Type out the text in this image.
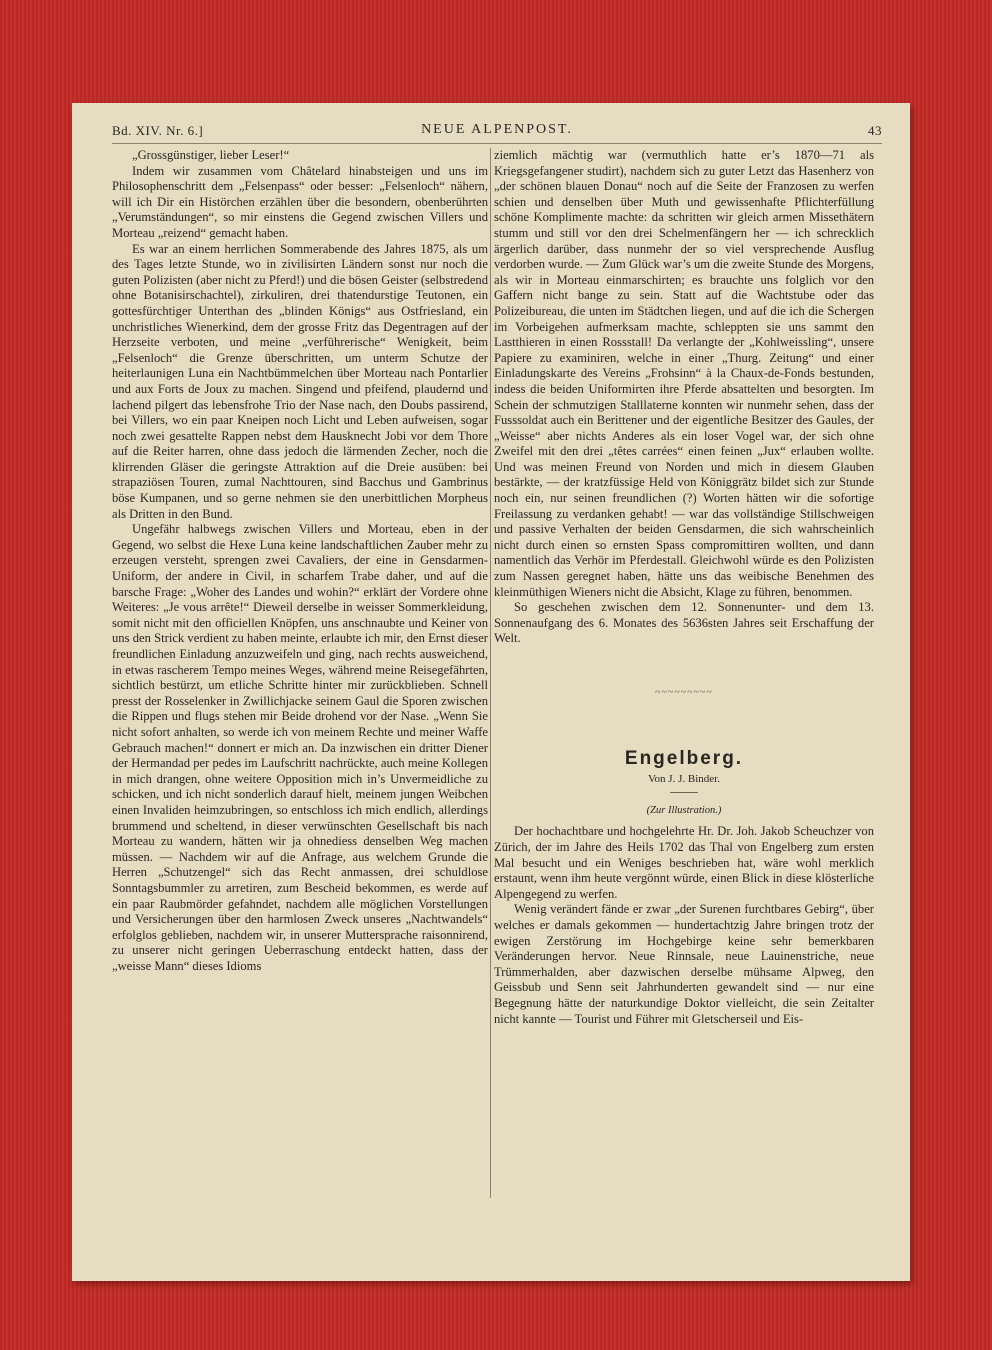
Bd. XIV. Nr. 6.]	NEUE ALPENPOST.	43

„Grossgünstiger, lieber Leser!“

Indem wir zusammen vom Châtelard hinabsteigen und uns im Philosophenschritt dem „Felsenpass“ oder besser: „Felsenloch“ nähern, will ich Dir ein Histörchen erzählen über die besondern, obenberührten „Verumständungen“, so mir einstens die Gegend zwischen Villers und Morteau „reizend“ gemacht haben.

Es war an einem herrlichen Sommerabende des Jahres 1875, als um des Tages letzte Stunde, wo in zivilisirten Ländern sonst nur noch die guten Polizisten (aber nicht zu Pferd!) und die bösen Geister (selbstredend ohne Botanisirschachtel), zirkuliren, drei thatendurstige Teutonen, ein gottesfürchtiger Unterthan des „blinden Königs“ aus Ostfriesland, ein unchristliches Wienerkind, dem der grosse Fritz das Degentragen auf der Herzseite verboten, und meine „verführerische“ Wenigkeit, beim „Felsenloch“ die Grenze überschritten, um unterm Schutze der heiterlaunigen Luna ein Nachtbümmelchen über Morteau nach Pontarlier und aux Forts de Joux zu machen. Singend und pfeifend, plaudernd und lachend pilgert das lebensfrohe Trio der Nase nach, den Doubs passirend, bei Villers, wo ein paar Kneipen noch Licht und Leben aufweisen, sogar noch zwei gesattelte Rappen nebst dem Hausknecht Jobi vor dem Thore auf die Reiter harren, ohne dass jedoch die lärmenden Zecher, noch die klirrenden Gläser die geringste Attraktion auf die Dreie ausüben: bei strapaziösen Touren, zumal Nachttouren, sind Bacchus und Gambrinus böse Kumpanen, und so gerne nehmen sie den unerbittlichen Morpheus als Dritten in den Bund.

Ungefähr halbwegs zwischen Villers und Morteau, eben in der Gegend, wo selbst die Hexe Luna keine landschaftlichen Zauber mehr zu erzeugen versteht, sprengen zwei Cavaliers, der eine in Gensdarmen-Uniform, der andere in Civil, in scharfem Trabe daher, und auf die barsche Frage: „Woher des Landes und wohin?“ erklärt der Vordere ohne Weiteres: „Je vous arrête!“ Dieweil derselbe in weisser Sommerkleidung, somit nicht mit den officiellen Knöpfen, uns anschnaubte und Keiner von uns den Strick verdient zu haben meinte, erlaubte ich mir, den Ernst dieser freundlichen Einladung anzuzweifeln und ging, nach rechts ausweichend, in etwas rascherem Tempo meines Weges, während meine Reisegefährten, sichtlich bestürzt, um etliche Schritte hinter mir zurückblieben. Schnell presst der Rosselenker in Zwillichjacke seinem Gaul die Sporen zwischen die Rippen und flugs stehen mir Beide drohend vor der Nase. „Wenn Sie nicht sofort anhalten, so werde ich von meinem Rechte und meiner Waffe Gebrauch machen!“ donnert er mich an. Da inzwischen ein dritter Diener der Hermandad per pedes im Laufschritt nachrückte, auch meine Kollegen in mich drangen, ohne weitere Opposition mich in’s Unvermeidliche zu schicken, und ich nicht sonderlich darauf hielt, meinem jungen Weibchen einen Invaliden heimzubringen, so entschloss ich mich endlich, allerdings brummend und scheltend, in dieser verwünschten Gesellschaft bis nach Morteau zu wandern, hätten wir ja ohnediess denselben Weg machen müssen. — Nachdem wir auf die Anfrage, aus welchem Grunde die Herren „Schutzengel“ sich das Recht anmassen, drei schuldlose Sonntagsbummler zu arretiren, zum Bescheid bekommen, es werde auf ein paar Raubmörder gefahndet, nachdem alle möglichen Vorstellungen und Versicherungen über den harmlosen Zweck unseres „Nachtwandels“ erfolglos geblieben, nachdem wir, in unserer Muttersprache raisonnirend, zu unserer nicht geringen Ueberraschung entdeckt hatten, dass der „weisse Mann“ dieses Idioms

ziemlich mächtig war (vermuthlich hatte er’s 1870—71 als Kriegsgefangener studirt), nachdem sich zu guter Letzt das Hasenherz von „der schönen blauen Donau“ noch auf die Seite der Franzosen zu werfen schien und denselben über Muth und gewissenhafte Pflichterfüllung schöne Komplimente machte: da schritten wir gleich armen Missethätern stumm und still vor den drei Schelmenfängern her — ich schrecklich ärgerlich darüber, dass nunmehr der so viel versprechende Ausflug verdorben wurde. — Zum Glück war’s um die zweite Stunde des Morgens, als wir in Morteau einmarschirten; es brauchte uns folglich vor den Gaffern nicht bange zu sein. Statt auf die Wachtstube oder das Polizeibureau, die unten im Städtchen liegen, und auf die ich die Schergen im Vorbeigehen aufmerksam machte, schleppten sie uns sammt den Lastthieren in einen Rossstall! Da verlangte der „Kohlweissling“, unsere Papiere zu examiniren, welche in einer „Thurg. Zeitung“ und einer Einladungskarte des Vereins „Frohsinn“ à la Chaux-de-Fonds bestunden, indess die beiden Uniformirten ihre Pferde absattelten und besorgten. Im Schein der schmutzigen Stalllaterne konnten wir nunmehr sehen, dass der Fusssoldat auch ein Berittener und der eigentliche Besitzer des Gaules, der „Weisse“ aber nichts Anderes als ein loser Vogel war, der sich ohne Zweifel mit den drei „têtes carrées“ einen feinen „Jux“ erlauben wollte. Und was meinen Freund von Norden und mich in diesem Glauben bestärkte, — der kratzfüssige Held von Königgrätz bildet sich zur Stunde noch ein, nur seinen freundlichen (?) Worten hätten wir die sofortige Freilassung zu verdanken gehabt! — war das vollständige Stillschweigen und passive Verhalten der beiden Gensdarmen, die sich wahrscheinlich nicht durch einen so ernsten Spass compromittiren wollten, und dann namentlich das Verhör im Pferdestall. Gleichwohl würde es den Polizisten zum Nassen geregnet haben, hätte uns das weibische Benehmen des kleinmüthigen Wieners nicht die Absicht, Klage zu führen, benommen.

So geschehen zwischen dem 12. Sonnenunter- und dem 13. Sonnenaufgang des 6. Monates des 5636sten Jahres seit Erschaffung der Welt.

~~~~~~~~~
Engelberg.
Von J. J. Binder.
(Zur Illustration.)

Der hochachtbare und hochgelehrte Hr. Dr. Joh. Jakob Scheuchzer von Zürich, der im Jahre des Heils 1702 das Thal von Engelberg zum ersten Mal besucht und ein Weniges beschrieben hat, wäre wohl merklich erstaunt, wenn ihm heute vergönnt würde, einen Blick in diese klösterliche Alpengegend zu werfen.

Wenig verändert fände er zwar „der Surenen furchtbares Gebirg“, über welches er damals gekommen — hundertachtzig Jahre bringen trotz der ewigen Zerstörung im Hochgebirge keine sehr bemerkbaren Veränderungen hervor. Neue Rinnsale, neue Lauinenstriche, neue Trümmerhalden, aber dazwischen derselbe mühsame Alpweg, den Geissbub und Senn seit Jahrhunderten gewandelt sind — nur eine Begegnung hätte der naturkundige Doktor vielleicht, die sein Zeitalter nicht kannte — Tourist und Führer mit Gletscherseil und Eis-
